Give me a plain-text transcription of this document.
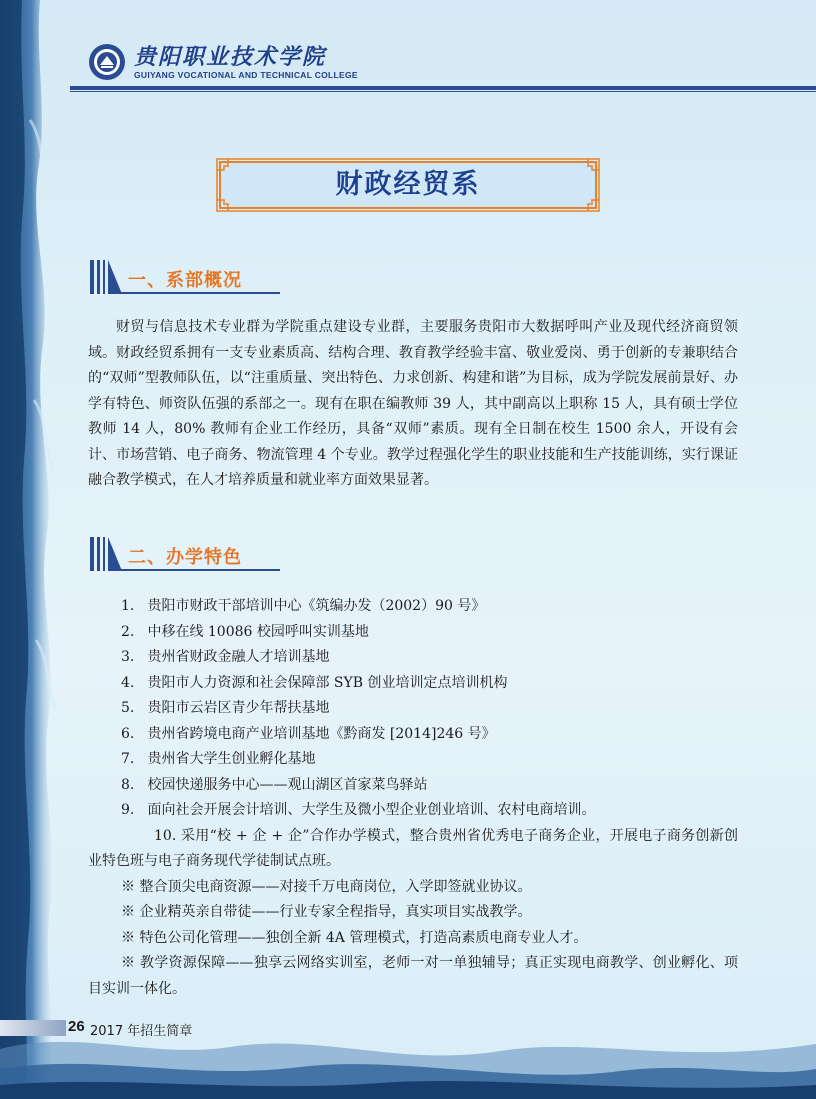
贵阳职业技术学院
GUIYANG VOCATIONAL AND TECHNICAL COLLEGE
财政经贸系
一、系部概况
财贸与信息技术专业群为学院重点建设专业群，主要服务贵阳市大数据呼叫产业及现代经济商贸领域。财政经贸系拥有一支专业素质高、结构合理、教育教学经验丰富、敬业爱岗、勇于创新的专兼职结合的“双师”型教师队伍，以“注重质量、突出特色、力求创新、构建和谐”为目标，成为学院发展前景好、办学有特色、师资队伍强的系部之一。现有在职在编教师 39 人，其中副高以上职称 15 人，具有硕士学位教师 14 人，80% 教师有企业工作经历，具备“双师”素质。现有全日制在校生 1500 余人，开设有会计、市场营销、电子商务、物流管理 4 个专业。教学过程强化学生的职业技能和生产技能训练，实行课证融合教学模式，在人才培养质量和就业率方面效果显著。
二、办学特色
1. 贵阳市财政干部培训中心《筑编办发（2002）90 号》
2. 中移在线 10086 校园呼叫实训基地
3. 贵州省财政金融人才培训基地
4. 贵阳市人力资源和社会保障部 SYB 创业培训定点培训机构
5. 贵阳市云岩区青少年帮扶基地
6. 贵州省跨境电商产业培训基地《黔商发 [2014]246 号》
7. 贵州省大学生创业孵化基地
8. 校园快递服务中心——观山湖区首家菜鸟驿站
9. 面向社会开展会计培训、大学生及微小型企业创业培训、农村电商培训。
10. 采用“校 + 企 + 企”合作办学模式，整合贵州省优秀电子商务企业，开展电子商务创新创业特色班与电子商务现代学徒制试点班。
※ 整合顶尖电商资源——对接千万电商岗位，入学即签就业协议。
※ 企业精英亲自带徒——行业专家全程指导，真实项目实战教学。
※ 特色公司化管理——独创全新 4A 管理模式，打造高素质电商专业人才。
※ 教学资源保障——独享云网络实训室，老师一对一单独辅导；真正实现电商教学、创业孵化、项目实训一体化。
26 2017 年招生简章
